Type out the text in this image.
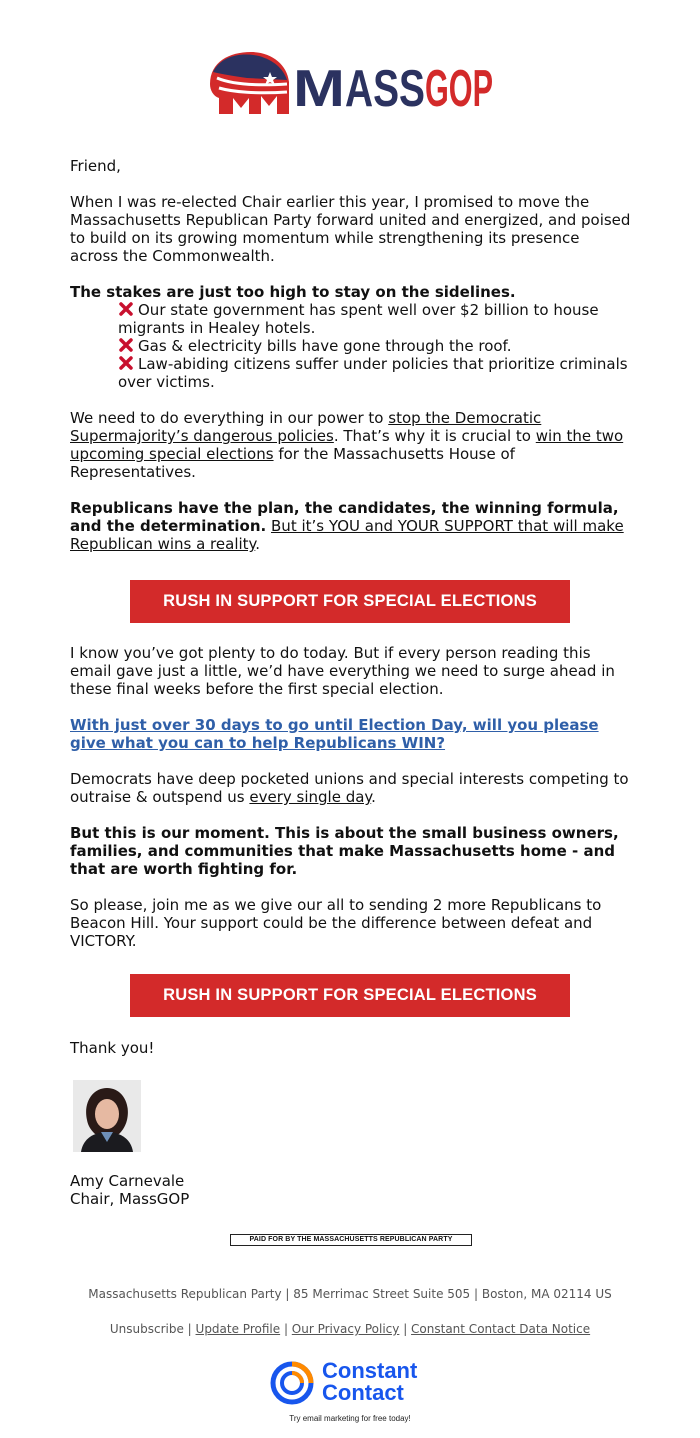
M ASS GOP

Friend,

When I was re-elected Chair earlier this year, I promised to move the Massachusetts Republican Party forward united and energized, and poised to build on its growing momentum while strengthening its presence across the Commonwealth.

The stakes are just too high to stay on the sidelines.

Our state government has spent well over $2 billion to house migrants in Healey hotels.
Gas & electricity bills have gone through the roof.
Law-abiding citizens suffer under policies that prioritize criminals over victims.

We need to do everything in our power to stop the Democratic Supermajority’s dangerous policies. That’s why it is crucial to win the two upcoming special elections for the Massachusetts House of Representatives.

Republicans have the plan, the candidates, the winning formula, and the determination. But it’s YOU and YOUR SUPPORT that will make Republican wins a reality.

RUSH IN SUPPORT FOR SPECIAL ELECTIONS

I know you’ve got plenty to do today. But if every person reading this email gave just a little, we’d have everything we need to surge ahead in these final weeks before the first special election.

With just over 30 days to go until Election Day, will you please give what you can to help Republicans WIN?

Democrats have deep pocketed unions and special interests competing to outraise & outspend us every single day.

But this is our moment. This is about the small business owners, families, and communities that make Massachusetts home - and that are worth fighting for.

So please, join me as we give our all to sending 2 more Republicans to Beacon Hill. Your support could be the difference between defeat and VICTORY.

RUSH IN SUPPORT FOR SPECIAL ELECTIONS

Thank you!

Amy Carnevale

Chair, MassGOP

PAID FOR BY THE MASSACHUSETTS REPUBLICAN PARTY
Massachusetts Republican Party | 85 Merrimac Street Suite 505 | Boston, MA 02114 US
Unsubscribe | Update Profile | Our Privacy Policy | Constant Contact Data Notice
Constant
Contact
Try email marketing for free today!
